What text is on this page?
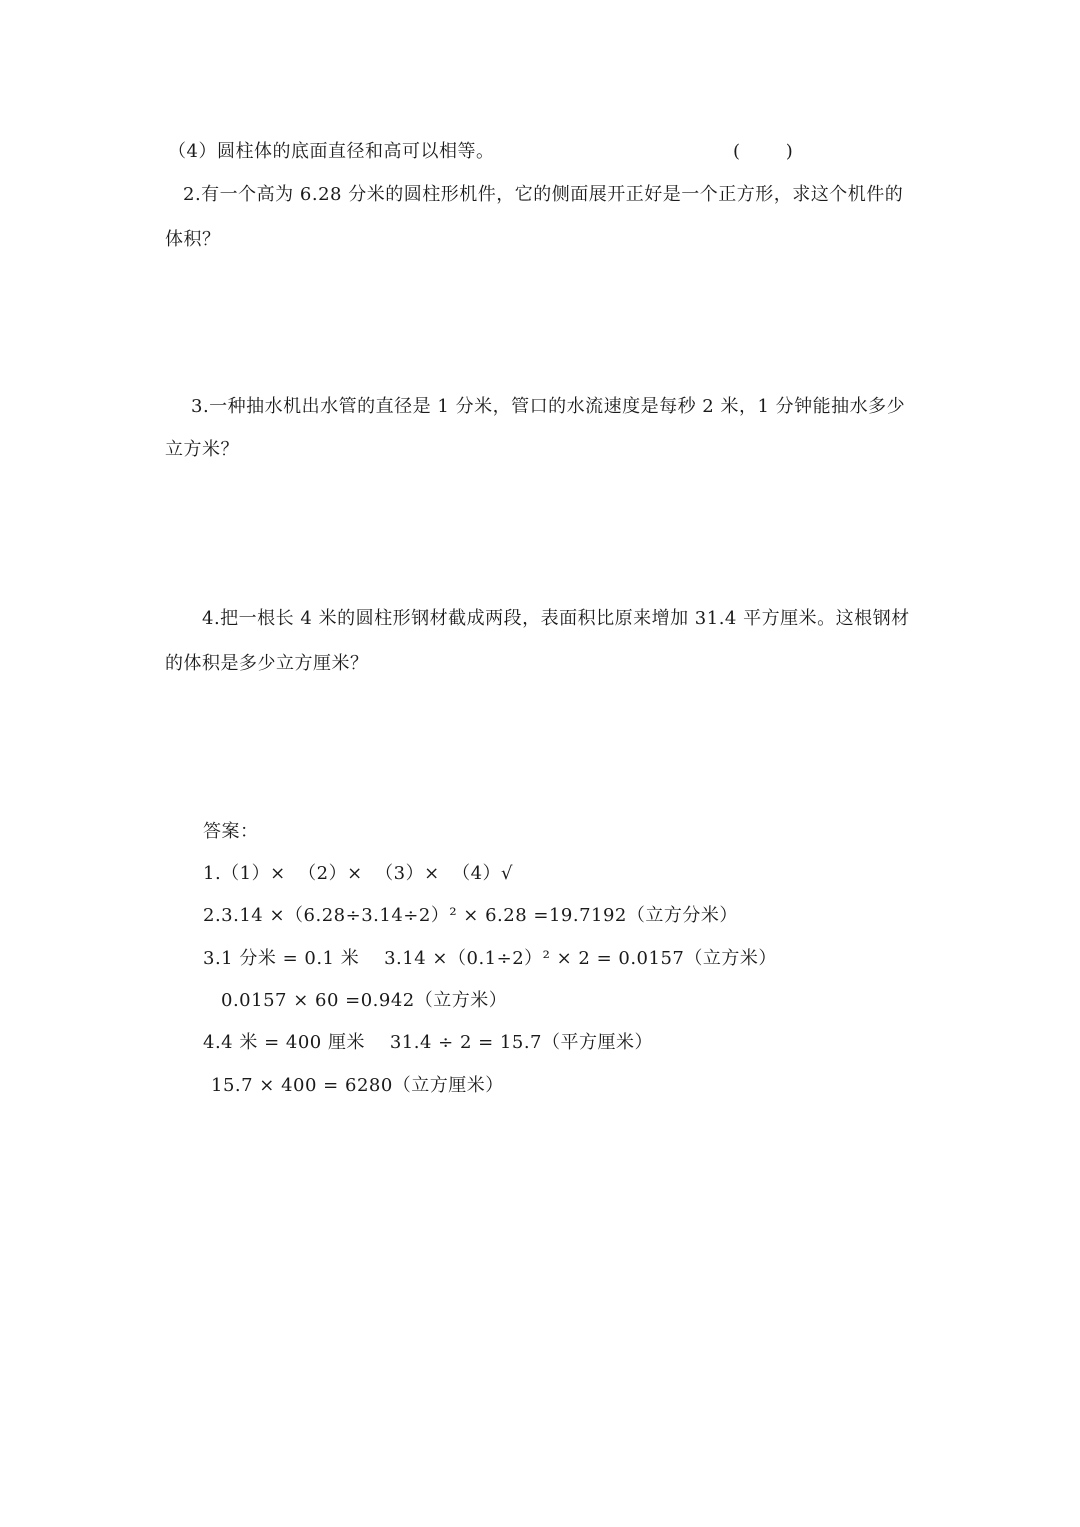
（4）圆柱体的底面直径和高可以相等。	(        )
2.有一个高为 6.28 分米的圆柱形机件，它的侧面展开正好是一个正方形，求这个机件的
体积？
3.一种抽水机出水管的直径是 1 分米，管口的水流速度是每秒 2 米，1 分钟能抽水多少
立方米？
4.把一根长 4 米的圆柱形钢材截成两段，表面积比原来增加 31.4 平方厘米。这根钢材
的体积是多少立方厘米？
答案：
1.（1）×  （2）×  （3）×  （4）√
2.3.14 ×（6.28÷3.14÷2）² × 6.28 =19.7192（立方分米）
3.1 分米 = 0.1 米    3.14 ×（0.1÷2）² × 2 = 0.0157（立方米）
0.0157 × 60 =0.942（立方米）
4.4 米 = 400 厘米    31.4 ÷ 2 = 15.7（平方厘米）
15.7 × 400 = 6280（立方厘米）
